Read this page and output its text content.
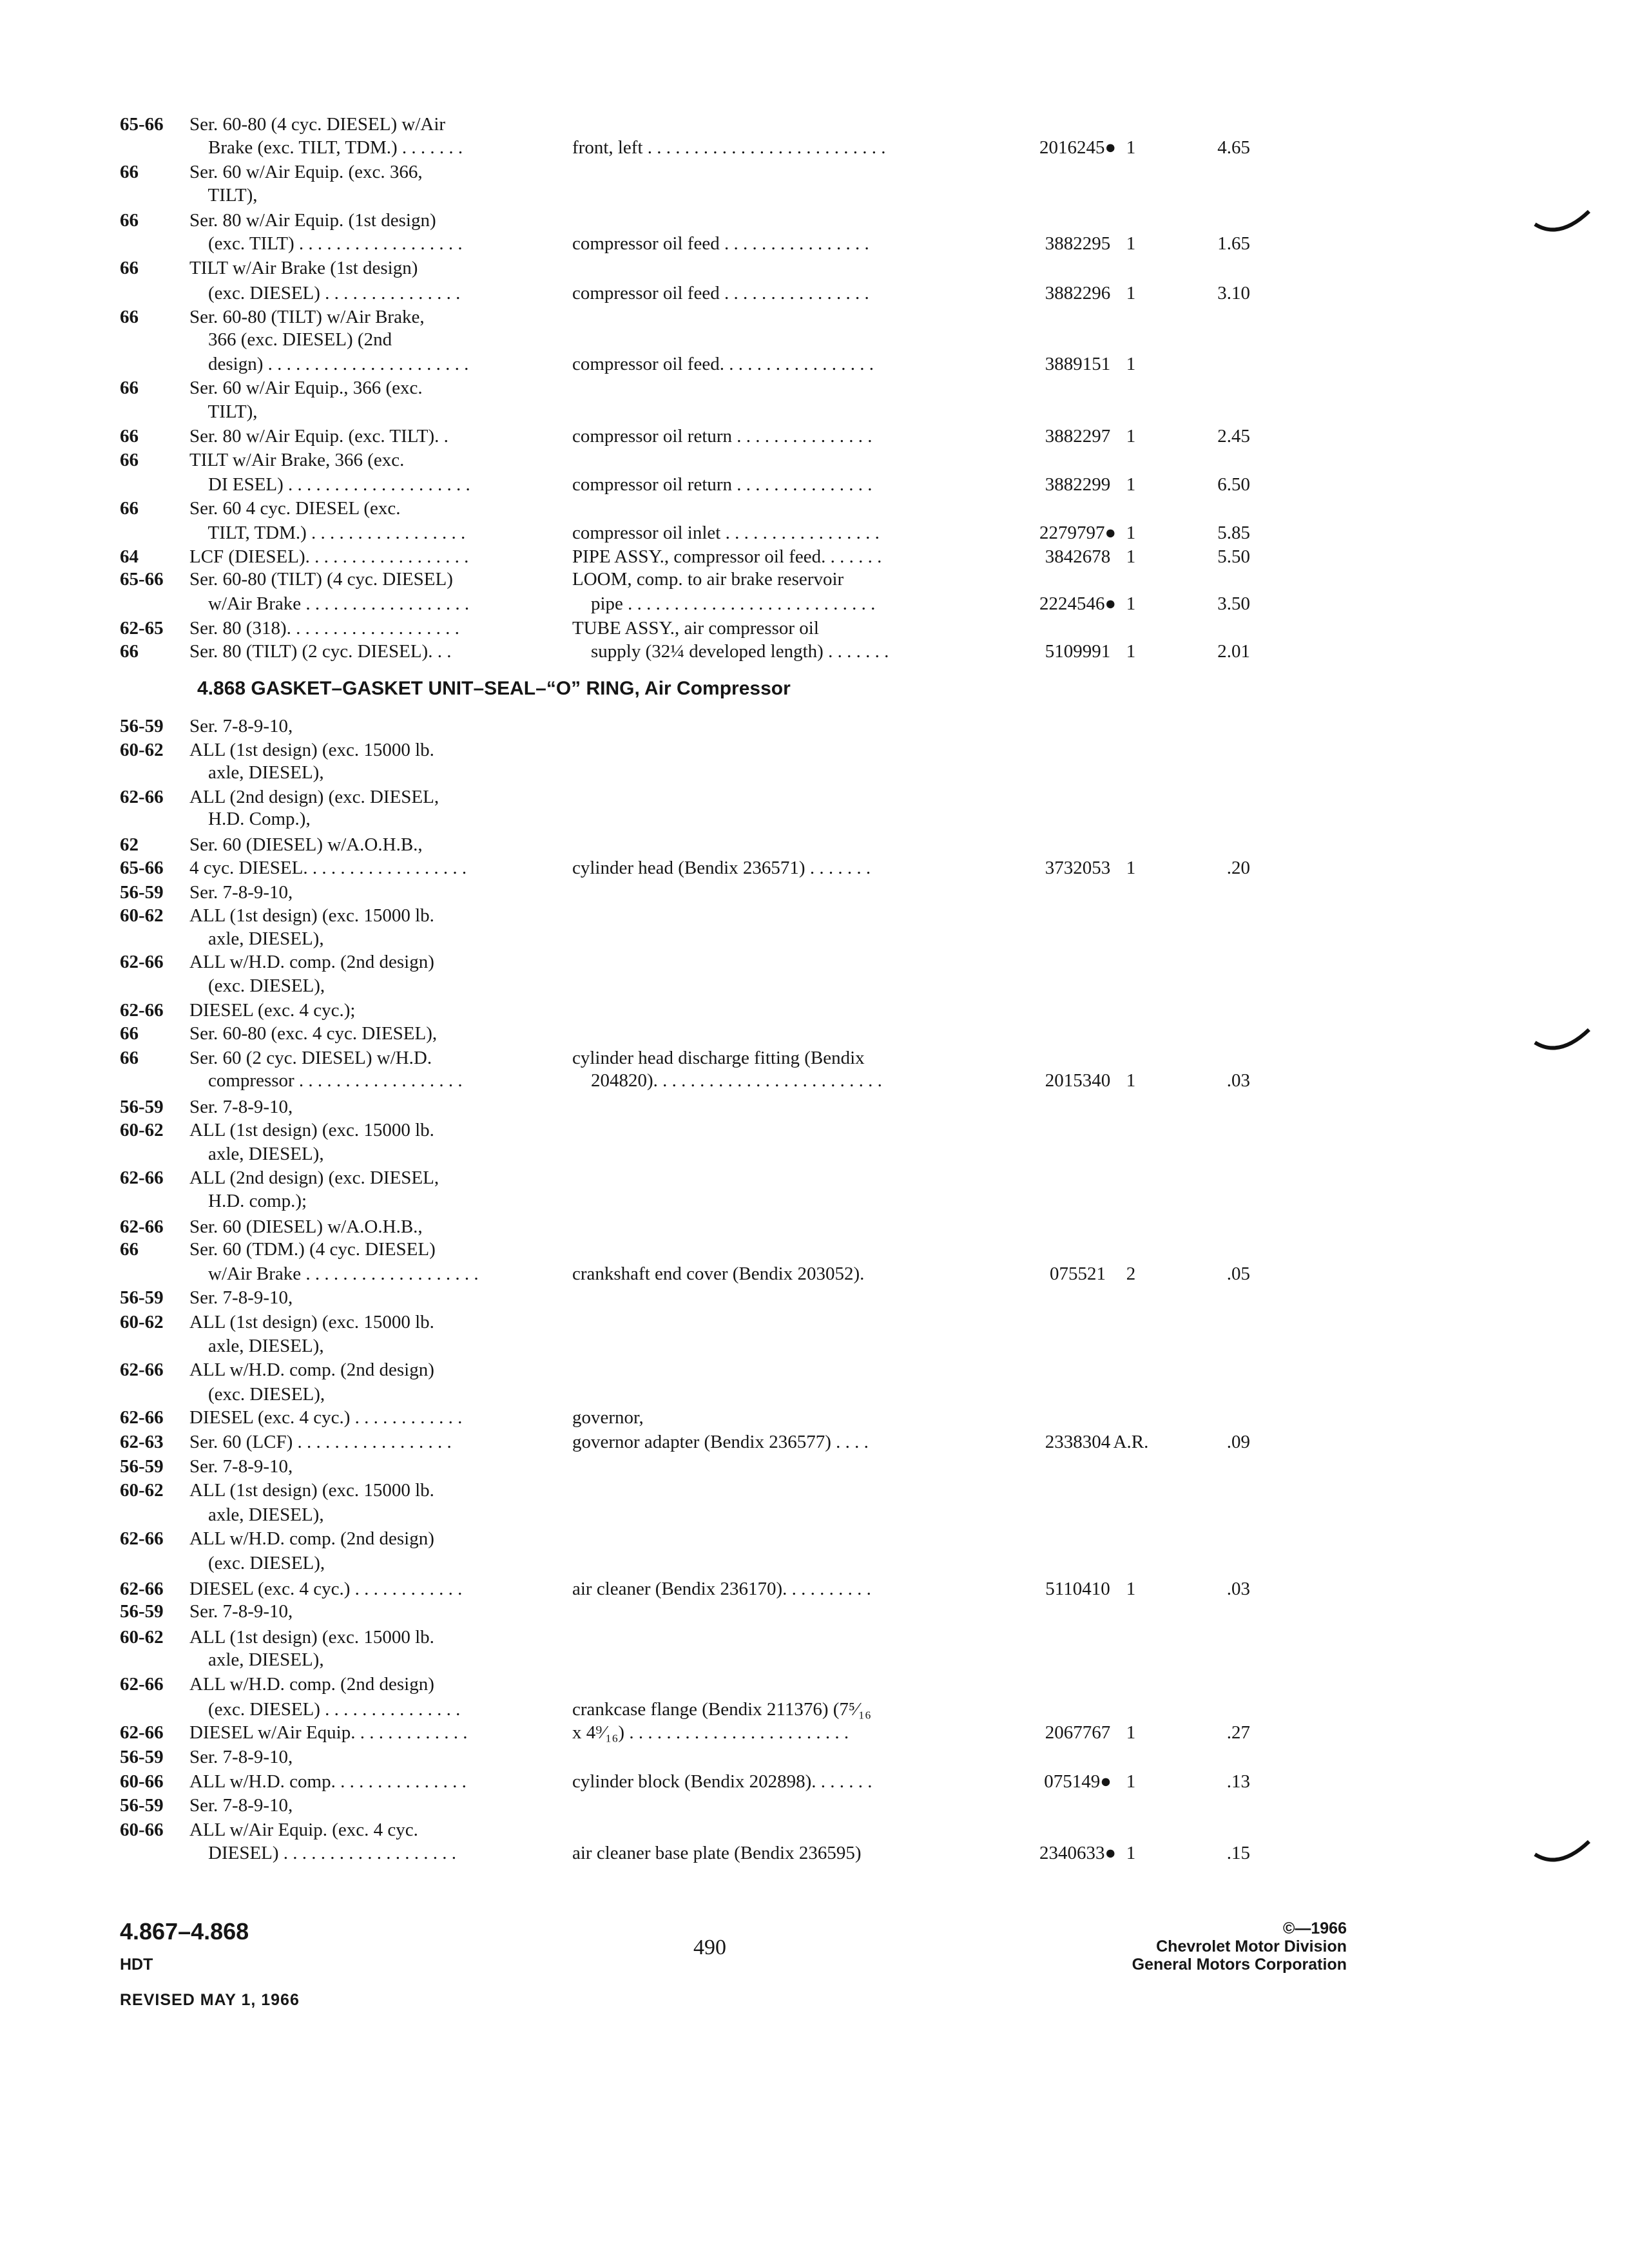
65-66	Ser. 60-80 (4 cyc. DIESEL) w/Air
Brake (exc. TILT, TDM.) . . . . . . .	front, left . . . . . . . . . . . . . . . . . . . . . . . . . .	2016245● 1	4.65
66	Ser. 60 w/Air Equip. (exc. 366,
TILT),
66	Ser. 80 w/Air Equip. (1st design)
(exc. TILT) . . . . . . . . . . . . . . . . . .	compressor oil feed . . . . . . . . . . . . . . . .	3882295 1	1.65
66	TILT w/Air Brake (1st design)
(exc. DIESEL) . . . . . . . . . . . . . . .	compressor oil feed . . . . . . . . . . . . . . . .	3882296 1	3.10
66	Ser. 60-80 (TILT) w/Air Brake,
366 (exc. DIESEL) (2nd
design) . . . . . . . . . . . . . . . . . . . . . .	compressor oil feed. . . . . . . . . . . . . . . . .	3889151 1
66	Ser. 60 w/Air Equip., 366 (exc.
TILT),
66	Ser. 80 w/Air Equip. (exc. TILT). .	compressor oil return . . . . . . . . . . . . . . .	3882297 1	2.45
66	TILT w/Air Brake, 366 (exc.
DI ESEL) . . . . . . . . . . . . . . . . . . . .	compressor oil return . . . . . . . . . . . . . . .	3882299 1	6.50
66	Ser. 60 4 cyc. DIESEL (exc.
TILT, TDM.) . . . . . . . . . . . . . . . . .	compressor oil inlet . . . . . . . . . . . . . . . . .	2279797● 1	5.85
64	LCF (DIESEL). . . . . . . . . . . . . . . . . .	PIPE ASSY., compressor oil feed. . . . . . .	3842678 1	5.50
65-66	Ser. 60-80 (TILT) (4 cyc. DIESEL)	LOOM, comp. to air brake reservoir
w/Air Brake . . . . . . . . . . . . . . . . . .	pipe . . . . . . . . . . . . . . . . . . . . . . . . . . .	2224546● 1	3.50
62-65	Ser. 80 (318). . . . . . . . . . . . . . . . . . .	TUBE ASSY., air compressor oil
66	Ser. 80 (TILT) (2 cyc. DIESEL). . .	supply (32¼ developed length) . . . . . . .	5109991 1	2.01
4.868 GASKET–GASKET UNIT–SEAL–“O” RING, Air Compressor
56-59	Ser. 7-8-9-10,
60-62	ALL (1st design) (exc. 15000 lb.
axle, DIESEL),
62-66	ALL (2nd design) (exc. DIESEL,
H.D. Comp.),
62	Ser. 60 (DIESEL) w/A.O.H.B.,
65-66	4 cyc. DIESEL. . . . . . . . . . . . . . . . . .	cylinder head (Bendix 236571) . . . . . . .	3732053 1	.20
56-59	Ser. 7-8-9-10,
60-62	ALL (1st design) (exc. 15000 lb.
axle, DIESEL),
62-66	ALL w/H.D. comp. (2nd design)
(exc. DIESEL),
62-66	DIESEL (exc. 4 cyc.);
66	Ser. 60-80 (exc. 4 cyc. DIESEL),
66	Ser. 60 (2 cyc. DIESEL) w/H.D.	cylinder head discharge fitting (Bendix
compressor . . . . . . . . . . . . . . . . . .	204820). . . . . . . . . . . . . . . . . . . . . . . . .	2015340 1	.03
56-59	Ser. 7-8-9-10,
60-62	ALL (1st design) (exc. 15000 lb.
axle, DIESEL),
62-66	ALL (2nd design) (exc. DIESEL,
H.D. comp.);
62-66	Ser. 60 (DIESEL) w/A.O.H.B.,
66	Ser. 60 (TDM.) (4 cyc. DIESEL)
w/Air Brake . . . . . . . . . . . . . . . . . . .	crankshaft end cover (Bendix 203052).	075521	2	.05
56-59	Ser. 7-8-9-10,
60-62	ALL (1st design) (exc. 15000 lb.
axle, DIESEL),
62-66	ALL w/H.D. comp. (2nd design)
(exc. DIESEL),
62-66	DIESEL (exc. 4 cyc.) . . . . . . . . . . . .	governor,
62-63	Ser. 60 (LCF) . . . . . . . . . . . . . . . . .	governor adapter (Bendix 236577) . . . .	2338304 A.R.	.09
56-59	Ser. 7-8-9-10,
60-62	ALL (1st design) (exc. 15000 lb.
axle, DIESEL),
62-66	ALL w/H.D. comp. (2nd design)
(exc. DIESEL),
62-66	DIESEL (exc. 4 cyc.) . . . . . . . . . . . .	air cleaner (Bendix 236170). . . . . . . . . .	5110410 1	.03
56-59	Ser. 7-8-9-10,
60-62	ALL (1st design) (exc. 15000 lb.
axle, DIESEL),
62-66	ALL w/H.D. comp. (2nd design)
(exc. DIESEL) . . . . . . . . . . . . . . .	crankcase flange (Bendix 211376) (7⁵⁄₁₆
62-66	DIESEL w/Air Equip. . . . . . . . . . . . .	x 4⁹⁄₁₆) . . . . . . . . . . . . . . . . . . . . . . . .	2067767 1	.27
56-59	Ser. 7-8-9-10,
60-66	ALL w/H.D. comp. . . . . . . . . . . . . . .	cylinder block (Bendix 202898). . . . . . .	075149● 1	.13
56-59	Ser. 7-8-9-10,
60-66	ALL w/Air Equip. (exc. 4 cyc.
DIESEL) . . . . . . . . . . . . . . . . . . .	air cleaner base plate (Bendix 236595)	2340633● 1	.15
4.867–4.868
HDT
REVISED MAY 1, 1966
490
©—1966
Chevrolet Motor Division
General Motors Corporation
